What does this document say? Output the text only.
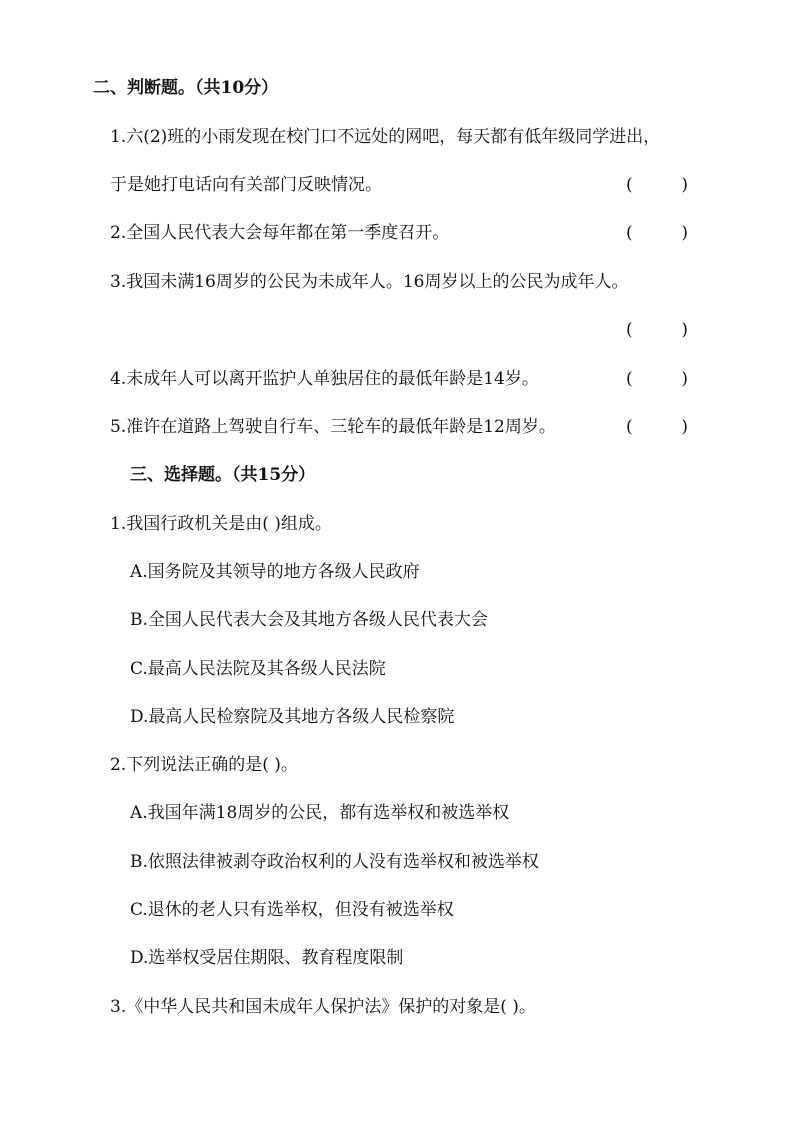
二、判断题。（共10分）
1.六(2)班的小雨发现在校门口不远处的网吧，每天都有低年级同学进出，
于是她打电话向有关部门反映情况。	(	)
2.全国人民代表大会每年都在第一季度召开。	(	)
3.我国未满16周岁的公民为未成年人。16周岁以上的公民为成年人。
(	)
4.未成年人可以离开监护人单独居住的最低年龄是14岁。	(	)
5.准许在道路上驾驶自行车、三轮车的最低年龄是12周岁。	(	)
三、选择题。（共15分）
1.我国行政机关是由( )组成。
A.国务院及其领导的地方各级人民政府
B.全国人民代表大会及其地方各级人民代表大会
C.最高人民法院及其各级人民法院
D.最高人民检察院及其地方各级人民检察院
2.下列说法正确的是( )。
A.我国年满18周岁的公民，都有选举权和被选举权
B.依照法律被剥夺政治权利的人没有选举权和被选举权
C.退休的老人只有选举权，但没有被选举权
D.选举权受居住期限、教育程度限制
3.《中华人民共和国未成年人保护法》保护的对象是( )。
